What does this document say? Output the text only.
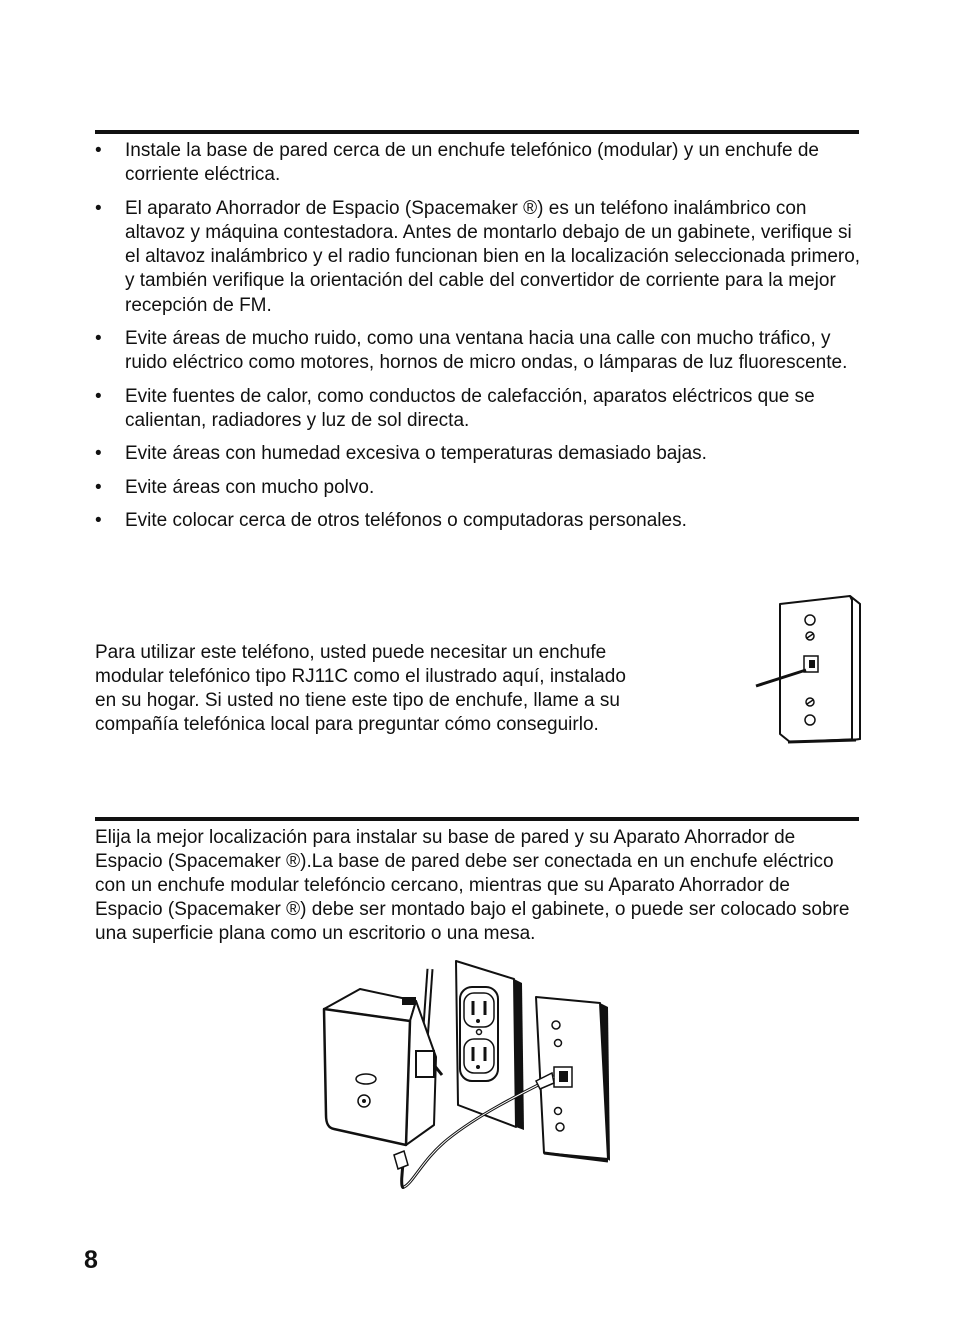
• Instale la base de pared cerca de un enchufe telefónico (modular) y un enchufe de corriente eléctrica.
• El aparato Ahorrador de Espacio (Spacemaker ®) es un teléfono inalámbrico con altavoz y máquina contestadora. Antes de montarlo debajo de un gabinete, verifique si el altavoz inalámbrico y el radio funcionan bien en la localización seleccionada primero, y también verifique la orientación del cable del convertidor de corriente para la mejor recepción de FM.
• Evite áreas de mucho ruido, como una ventana hacia una calle con mucho tráfico, y ruido eléctrico como motores, hornos de micro ondas, o lámparas de luz fluorescente.
• Evite fuentes de calor, como conductos de calefacción, aparatos eléctricos que se calientan, radiadores y luz de sol directa.
• Evite áreas con humedad excesiva o temperaturas demasiado bajas.
• Evite áreas con mucho polvo.
• Evite colocar cerca de otros teléfonos o computadoras personales.

Para utilizar este teléfono, usted puede necesitar un enchufe modular telefónico tipo RJ11C como el ilustrado aquí, instalado en su hogar. Si usted no tiene este tipo de enchufe, llame a su compañía telefónica local para preguntar cómo conseguirlo.

Elija la mejor localización para instalar su base de pared y su Aparato Ahorrador de Espacio (Spacemaker ®).La base de pared debe ser conectada en un enchufe eléctrico con un enchufe modular telefóncio cercano, mientras que su Aparato Ahorrador de Espacio (Spacemaker ®) debe ser montado bajo el gabinete, o puede ser colocado sobre una superficie plana como un escritorio o una mesa.

8
